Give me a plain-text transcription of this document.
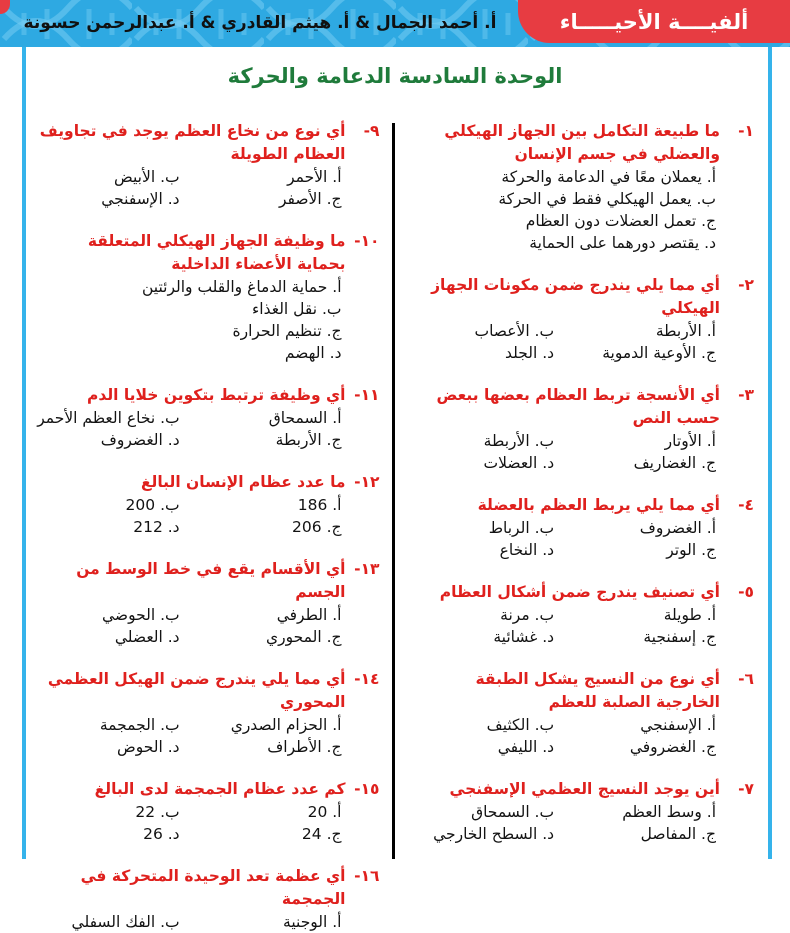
أ. أحمد الجمال & أ. هيثم القادري & أ. عبدالرحمن حسونة	ألفيــــة الأحيـــــاء
الوحدة السادسة الدعامة والحركة
١-
ما طبيعة التكامل بين الجهاز الهيكلي والعضلي في جسم الإنسان
أ. يعملان معًا في الدعامة والحركة
ب. يعمل الهيكلي فقط في الحركة
ج. تعمل العضلات دون العظام
د. يقتصر دورهما على الحماية
٢-
أي مما يلي يندرج ضمن مكونات الجهاز الهيكلي
أ. الأربطة
ب. الأعصاب
ج. الأوعية الدموية
د. الجلد
٣-
أي الأنسجة تربط العظام بعضها ببعض حسب النص
أ. الأوتار
ب. الأربطة
ج. الغضاريف
د. العضلات
٤-
أي مما يلي يربط العظم بالعضلة
أ. الغضروف
ب. الرباط
ج. الوتر
د. النخاع
٥-
أي تصنيف يندرج ضمن أشكال العظام
أ. طويلة
ب. مرنة
ج. إسفنجية
د. غشائية
٦-
أي نوع من النسيج يشكل الطبقة الخارجية الصلبة للعظم
أ. الإسفنجي
ب. الكثيف
ج. الغضروفي
د. الليفي
٧-
أين يوجد النسيج العظمي الإسفنجي
أ. وسط العظم
ب. السمحاق
ج. المفاصل
د. السطح الخارجي
٩-
أي نوع من نخاع العظم يوجد في تجاويف العظام الطويلة
أ. الأحمر
ب. الأبيض
ج. الأصفر
د. الإسفنجي
١٠-
ما وظيفة الجهاز الهيكلي المتعلقة بحماية الأعضاء الداخلية
أ. حماية الدماغ والقلب والرئتين
ب. نقل الغذاء
ج. تنظيم الحرارة
د. الهضم
١١-
أي وظيفة ترتبط بتكوين خلايا الدم
أ. السمحاق
ب. نخاع العظم الأحمر
ج. الأربطة
د. الغضروف
١٢-
ما عدد عظام الإنسان البالغ
أ. 186
ب. 200
ج. 206
د. 212
١٣-
أي الأقسام يقع في خط الوسط من الجسم
أ. الطرفي
ب. الحوضي
ج. المحوري
د. العضلي
١٤-
أي مما يلي يندرج ضمن الهيكل العظمي المحوري
أ. الحزام الصدري
ب. الجمجمة
ج. الأطراف
د. الحوض
١٥-
كم عدد عظام الجمجمة لدى البالغ
أ. 20
ب. 22
ج. 24
د. 26
١٦-
أي عظمة تعد الوحيدة المتحركة في الجمجمة
أ. الوجنية
ب. الفك السفلي
